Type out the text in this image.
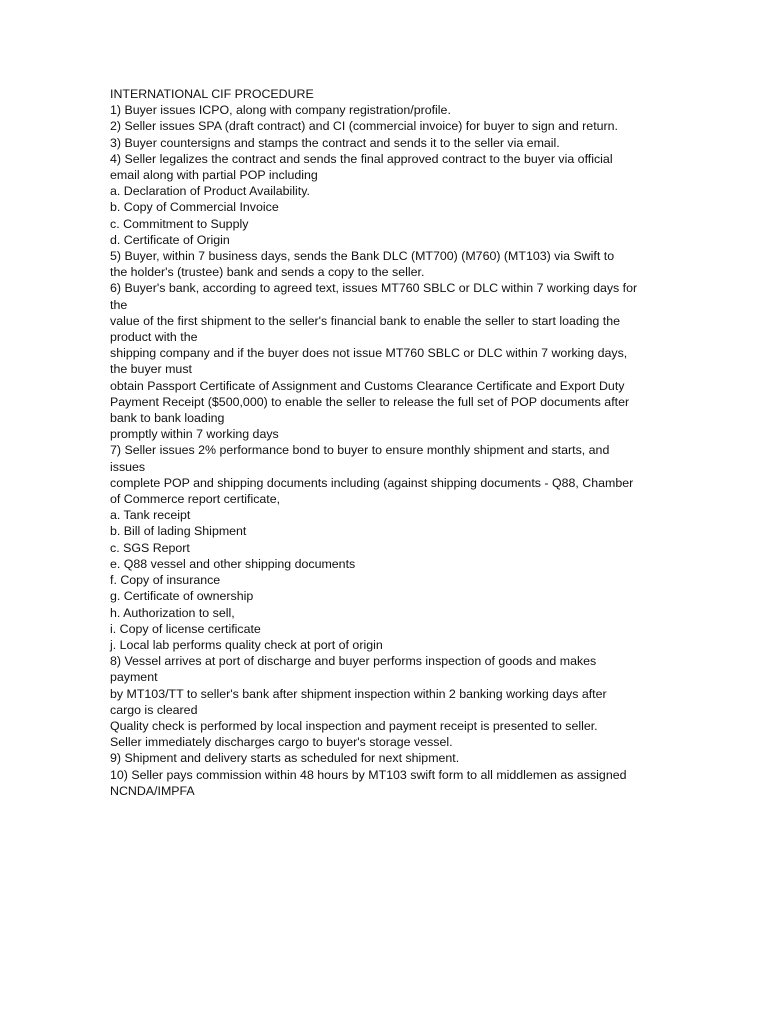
INTERNATIONAL CIF PROCEDURE
1) Buyer issues ICPO, along with company registration/profile.
2) Seller issues SPA (draft contract) and CI (commercial invoice) for buyer to sign and return.
3) Buyer countersigns and stamps the contract and sends it to the seller via email.
4) Seller legalizes the contract and sends the final approved contract to the buyer via official
email along with partial POP including
a. Declaration of Product Availability.
b. Copy of Commercial Invoice
c. Commitment to Supply
d. Certificate of Origin
5) Buyer, within 7 business days, sends the Bank DLC (MT700) (M760) (MT103) via Swift to
the holder's (trustee) bank and sends a copy to the seller.
6) Buyer's bank, according to agreed text, issues MT760 SBLC or DLC within 7 working days for
the
value of the first shipment to the seller's financial bank to enable the seller to start loading the
product with the
shipping company and if the buyer does not issue MT760 SBLC or DLC within 7 working days,
the buyer must
obtain Passport Certificate of Assignment and Customs Clearance Certificate and Export Duty
Payment Receipt ($500,000) to enable the seller to release the full set of POP documents after
bank to bank loading
promptly within 7 working days
7) Seller issues 2% performance bond to buyer to ensure monthly shipment and starts, and
issues
complete POP and shipping documents including (against shipping documents - Q88, Chamber
of Commerce report certificate,
a. Tank receipt
b. Bill of lading Shipment
c. SGS Report
e. Q88 vessel and other shipping documents
f. Copy of insurance
g. Certificate of ownership
h. Authorization to sell,
i. Copy of license certificate
j. Local lab performs quality check at port of origin
8) Vessel arrives at port of discharge and buyer performs inspection of goods and makes
payment
by MT103/TT to seller's bank after shipment inspection within 2 banking working days after
cargo is cleared
Quality check is performed by local inspection and payment receipt is presented to seller.
Seller immediately discharges cargo to buyer's storage vessel.
9) Shipment and delivery starts as scheduled for next shipment.
10) Seller pays commission within 48 hours by MT103 swift form to all middlemen as assigned
NCNDA/IMPFA
